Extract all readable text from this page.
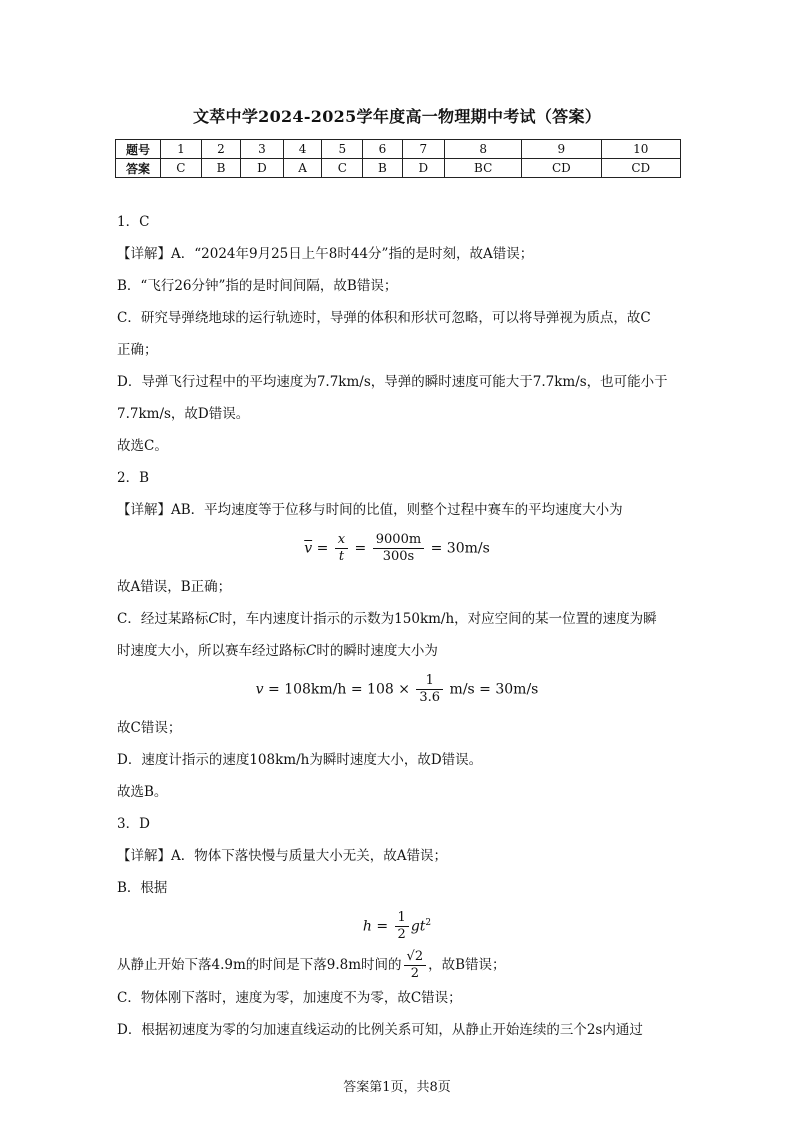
文萃中学2024-2025学年度高一物理期中考试（答案）
题号	1	2	3	4	5	6	7	8	9	10
答案	C	B	D	A	C	B	D	BC	CD	CD

1．C

【详解】A．“2024年9月25日上午8时44分”指的是时刻，故A错误；

B．“飞行26分钟”指的是时间间隔，故B错误；

C．研究导弹绕地球的运行轨迹时，导弹的体积和形状可忽略，可以将导弹视为质点，故C

正确；

D．导弹飞行过程中的平均速度为7.7km/s，导弹的瞬时速度可能大于7.7km/s，也可能小于

7.7km/s，故D错误。

故选C。

2．B

【详解】AB．平均速度等于位移与时间的比值，则整个过程中赛车的平均速度大小为

$\overline{v} = \frac{x}{t} = \frac{9000m}{300s} = 30m/s$

故A错误，B正确；

C．经过某路标C时，车内速度计指示的示数为150km/h，对应空间的某一位置的速度为瞬

时速度大小，所以赛车经过路标C时的瞬时速度大小为

$v = 108km/h = 108 \times \frac{1}{3.6} m/s = 30m/s$

故C错误；

D．速度计指示的速度108km/h为瞬时速度大小，故D错误。

故选B。

3．D

【详解】A．物体下落快慢与质量大小无关，故A错误；

B．根据

$h = \frac{1}{2} gt^2$

从静止开始下落4.9m的时间是下落9.8m时间的 $\frac{√2}{2}$ ，故B错误；

C．物体刚下落时，速度为零，加速度不为零，故C错误；

D．根据初速度为零的匀加速直线运动的比例关系可知，从静止开始连续的三个2s内通过

答案第1页，共8页
